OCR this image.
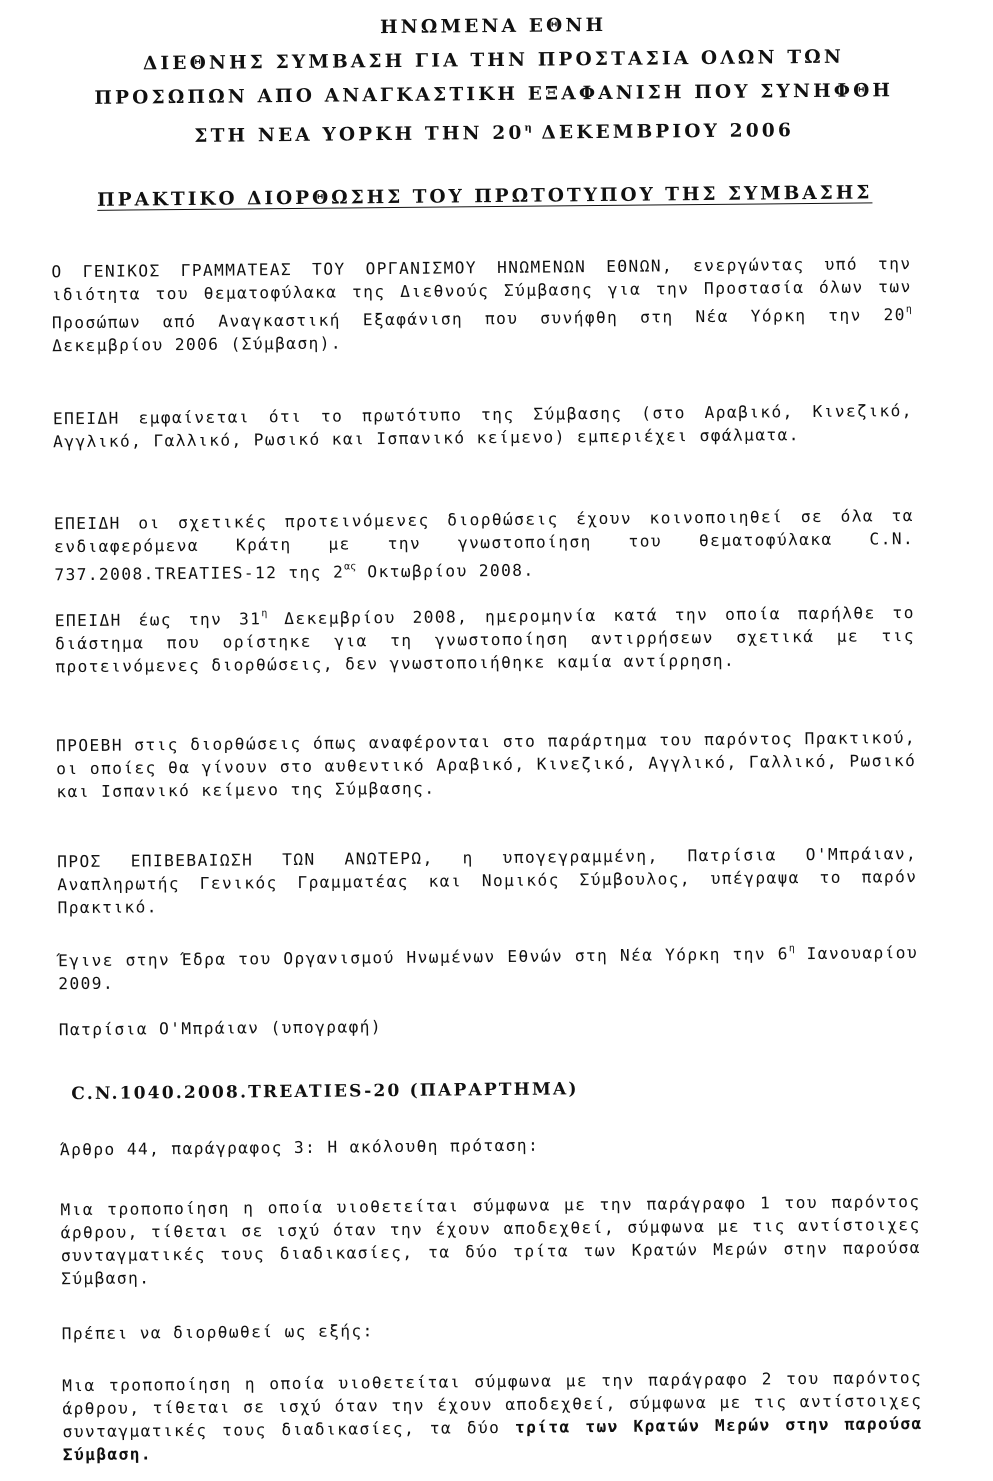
ΗΝΩΜΕΝΑ ΕΘΝΗ
ΔΙΕΘΝΗΣ ΣΥΜΒΑΣΗ ΓΙΑ ΤΗΝ ΠΡΟΣΤΑΣΙΑ ΟΛΩΝ ΤΩΝ
ΠΡΟΣΩΠΩΝ ΑΠΟ ΑΝΑΓΚΑΣΤΙΚΗ ΕΞΑΦΑΝΙΣΗ ΠΟΥ ΣΥΝΗΦΘΗ
ΣΤΗ ΝΕΑ ΥΟΡΚΗ ΤΗΝ $20^\eta$ ΔΕΚΕΜΒΡΙΟΥ 2006
ΠΡΑΚΤΙΚΟ ΔΙΟΡΘΩΣΗΣ ΤΟΥ ΠΡΩΤΟΤΥΠΟΥ ΤΗΣ ΣΥΜΒΑΣΗΣ

Ο ΓΕΝΙΚΟΣ ΓΡΑΜΜΑΤΕΑΣ ΤΟΥ ΟΡΓΑΝΙΣΜΟΥ ΗΝΩΜΕΝΩΝ ΕΘΝΩΝ, ενεργώντας υπό την ιδιότητα του θεματοφύλακα της Διεθνούς Σύμβασης για την Προστασία όλων των Προσώπων από Αναγκαστική Εξαφάνιση που συνήφθη στη Νέα Υόρκη την $20^\eta$ Δεκεμβρίου 2006 (Σύμβαση).

ΕΠΕΙΔΗ εμφαίνεται ότι το πρωτότυπο της Σύμβασης (στο Αραβικό, Κινεζικό, Αγγλικό, Γαλλικό, Ρωσικό και Ισπανικό κείμενο) εμπεριέχει σφάλματα.

ΕΠΕΙΔΗ οι σχετικές προτεινόμενες διορθώσεις έχουν κοινοποιηθεί σε όλα τα ενδιαφερόμενα Κράτη με την γνωστοποίηση του θεματοφύλακα C.N. 737.2008.TREATIES-12 της $2^{\alpha\varsigma}$ Οκτωβρίου 2008.

ΕΠΕΙΔΗ έως την $31^\eta$ Δεκεμβρίου 2008, ημερομηνία κατά την οποία παρήλθε το διάστημα που ορίστηκε για τη γνωστοποίηση αντιρρήσεων σχετικά με τις προτεινόμενες διορθώσεις, δεν γνωστοποιήθηκε καμία αντίρρηση.

ΠΡΟΕΒΗ στις διορθώσεις όπως αναφέρονται στο παράρτημα του παρόντος Πρακτικού, οι οποίες θα γίνουν στο αυθεντικό Αραβικό, Κινεζικό, Αγγλικό, Γαλλικό, Ρωσικό και Ισπανικό κείμενο της Σύμβασης.

ΠΡΟΣ ΕΠΙΒΕΒΑΙΩΣΗ ΤΩΝ ΑΝΩΤΕΡΩ, η υπογεγραμμένη, Πατρίσια Ο'Μπράιαν, Αναπληρωτής Γενικός Γραμματέας και Νομικός Σύμβουλος, υπέγραψα το παρόν Πρακτικό.

Έγινε στην Έδρα του Οργανισμού Ηνωμένων Εθνών στη Νέα Υόρκη την $6^\eta$ Ιανουαρίου 2009.

Πατρίσια Ο'Μπράιαν (υπογραφή)

C.N.1040.2008.TREATIES-20 (ΠΑΡΑΡΤΗΜΑ)

Άρθρο 44, παράγραφος 3: Η ακόλουθη πρόταση:

Μια τροποποίηση η οποία υιοθετείται σύμφωνα με την παράγραφο 1 του παρόντος άρθρου, τίθεται σε ισχύ όταν την έχουν αποδεχθεί, σύμφωνα με τις αντίστοιχες συνταγματικές τους διαδικασίες, τα δύο τρίτα των Κρατών Μερών στην παρούσα Σύμβαση.

Πρέπει να διορθωθεί ως εξής:

Μια τροποποίηση η οποία υιοθετείται σύμφωνα με την παράγραφο 2 του παρόντος άρθρου, τίθεται σε ισχύ όταν την έχουν αποδεχθεί, σύμφωνα με τις αντίστοιχες συνταγματικές τους διαδικασίες, τα δύο τρίτα των Κρατών Μερών στην παρούσα Σύμβαση.
